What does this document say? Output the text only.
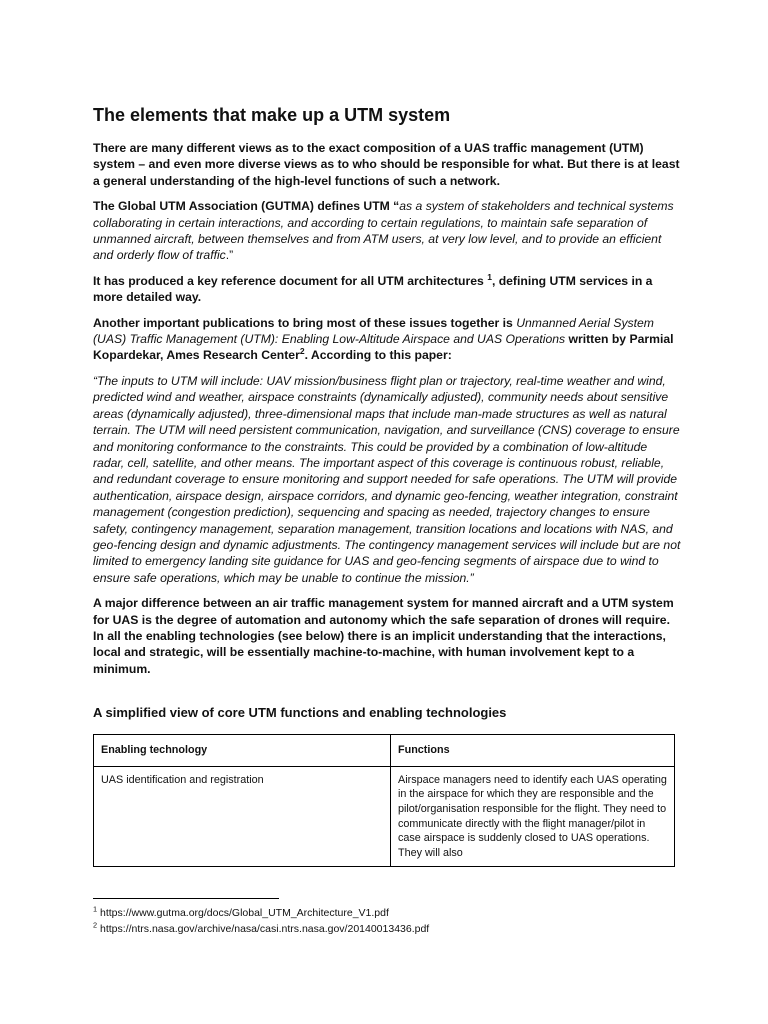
The elements that make up a UTM system

There are many different views as to the exact composition of a UAS traffic management (UTM) system – and even more diverse views as to who should be responsible for what. But there is at least a general understanding of the high-level functions of such a network.

The Global UTM Association (GUTMA) defines UTM “as a system of stakeholders and technical systems collaborating in certain interactions, and according to certain regulations, to maintain safe separation of unmanned aircraft, between themselves and from ATM users, at very low level, and to provide an efficient and orderly flow of traffic.”

It has produced a key reference document for all UTM architectures $^1$, defining UTM services in a more detailed way.

Another important publications to bring most of these issues together is Unmanned Aerial System (UAS) Traffic Management (UTM): Enabling Low-Altitude Airspace and UAS Operations written by Parmial Kopardekar, Ames Research Center$^2$. According to this paper:

“The inputs to UTM will include: UAV mission/business flight plan or trajectory, real-time weather and wind, predicted wind and weather, airspace constraints (dynamically adjusted), community needs about sensitive areas (dynamically adjusted), three-dimensional maps that include man-made structures as well as natural terrain. The UTM will need persistent communication, navigation, and surveillance (CNS) coverage to ensure and monitoring conformance to the constraints. This could be provided by a combination of low-altitude radar, cell, satellite, and other means. The important aspect of this coverage is continuous robust, reliable, and redundant coverage to ensure monitoring and support needed for safe operations. The UTM will provide authentication, airspace design, airspace corridors, and dynamic geo-fencing, weather integration, constraint management (congestion prediction), sequencing and spacing as needed, trajectory changes to ensure safety, contingency management, separation management, transition locations and locations with NAS, and geo-fencing design and dynamic adjustments. The contingency management services will include but are not limited to emergency landing site guidance for UAS and geo-fencing segments of airspace due to wind to ensure safe operations, which may be unable to continue the mission.”

A major difference between an air traffic management system for manned aircraft and a UTM system for UAS is the degree of automation and autonomy which the safe separation of drones will require. In all the enabling technologies (see below) there is an implicit understanding that the interactions, local and strategic, will be essentially machine-to-machine, with human involvement kept to a minimum.

A simplified view of core UTM functions and enabling technologies
Enabling technology	Functions
UAS identification and registration	Airspace managers need to identify each UAS operating in the airspace for which they are responsible and the pilot/organisation responsible for the flight. They need to communicate directly with the flight manager/pilot in case airspace is suddenly closed to UAS operations. They will also
$^1$ https://www.gutma.org/docs/Global_UTM_Architecture_V1.pdf
$^2$ https://ntrs.nasa.gov/archive/nasa/casi.ntrs.nasa.gov/20140013436.pdf
